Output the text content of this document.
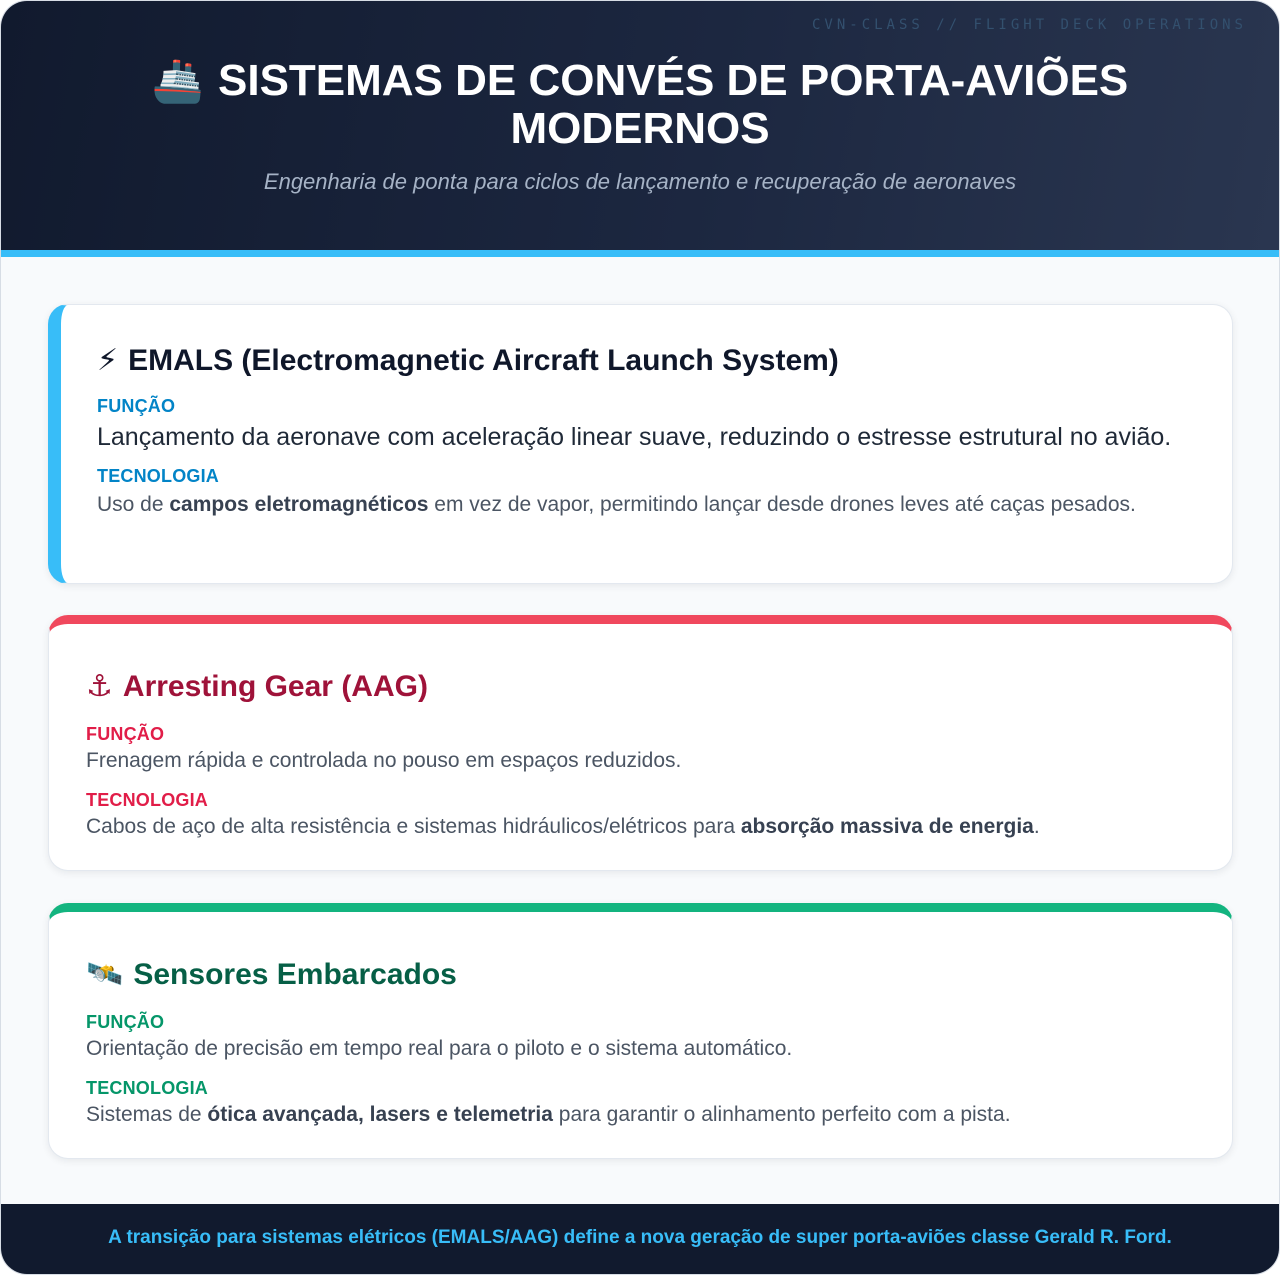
CVN-CLASS // FLIGHT DECK OPERATIONS
🚢 SISTEMAS DE CONVÉS DE PORTA-AVIÕES
MODERNOS
Engenharia de ponta para ciclos de lançamento e recuperação de aeronaves
⚡ EMALS (Electromagnetic Aircraft Launch System)
FUNÇÃO
Lançamento da aeronave com aceleração linear suave, reduzindo o estresse estrutural no avião.
TECNOLOGIA
Uso de campos eletromagnéticos em vez de vapor, permitindo lançar desde drones leves até caças pesados.
⚓ Arresting Gear (AAG)
FUNÇÃO
Frenagem rápida e controlada no pouso em espaços reduzidos.
TECNOLOGIA
Cabos de aço de alta resistência e sistemas hidráulicos/elétricos para absorção massiva de energia.
🛰️ Sensores Embarcados
FUNÇÃO
Orientação de precisão em tempo real para o piloto e o sistema automático.
TECNOLOGIA
Sistemas de ótica avançada, lasers e telemetria para garantir o alinhamento perfeito com a pista.
A transição para sistemas elétricos (EMALS/AAG) define a nova geração de super porta-aviões classe Gerald R. Ford.
